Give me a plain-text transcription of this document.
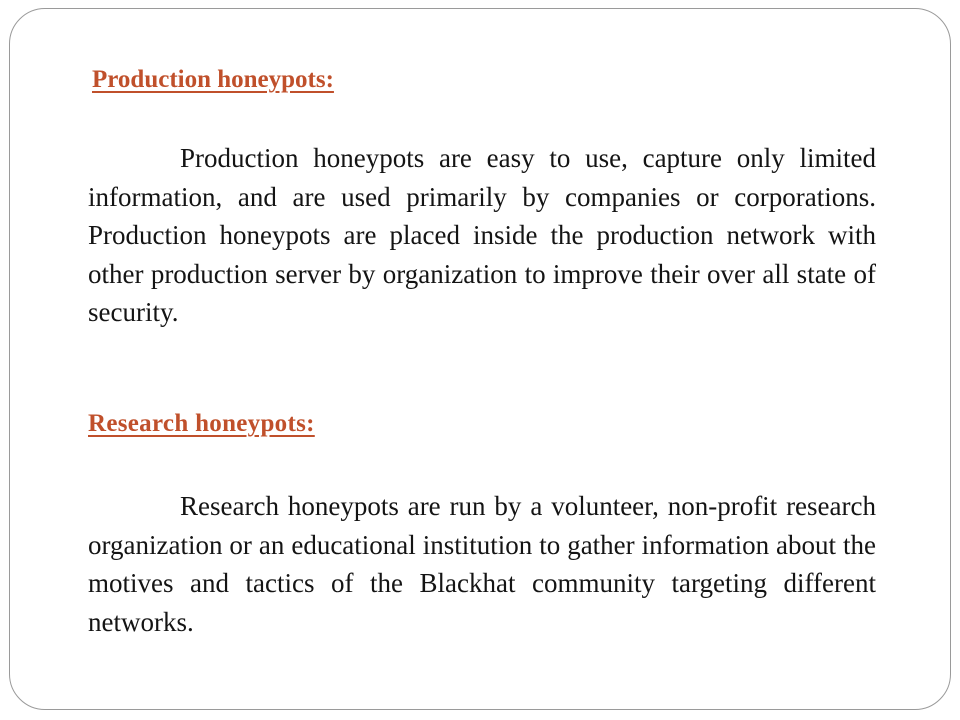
Production honeypots:

Production honeypots are easy to use, capture only limited information, and are used primarily by companies or corporations. Production honeypots are placed inside the production network with other production server by organization to improve their over all state of security.

Research honeypots:

Research honeypots are run by a volunteer, non-profit research organization or an educational institution to gather information about the motives and tactics of the Blackhat community targeting different networks.
